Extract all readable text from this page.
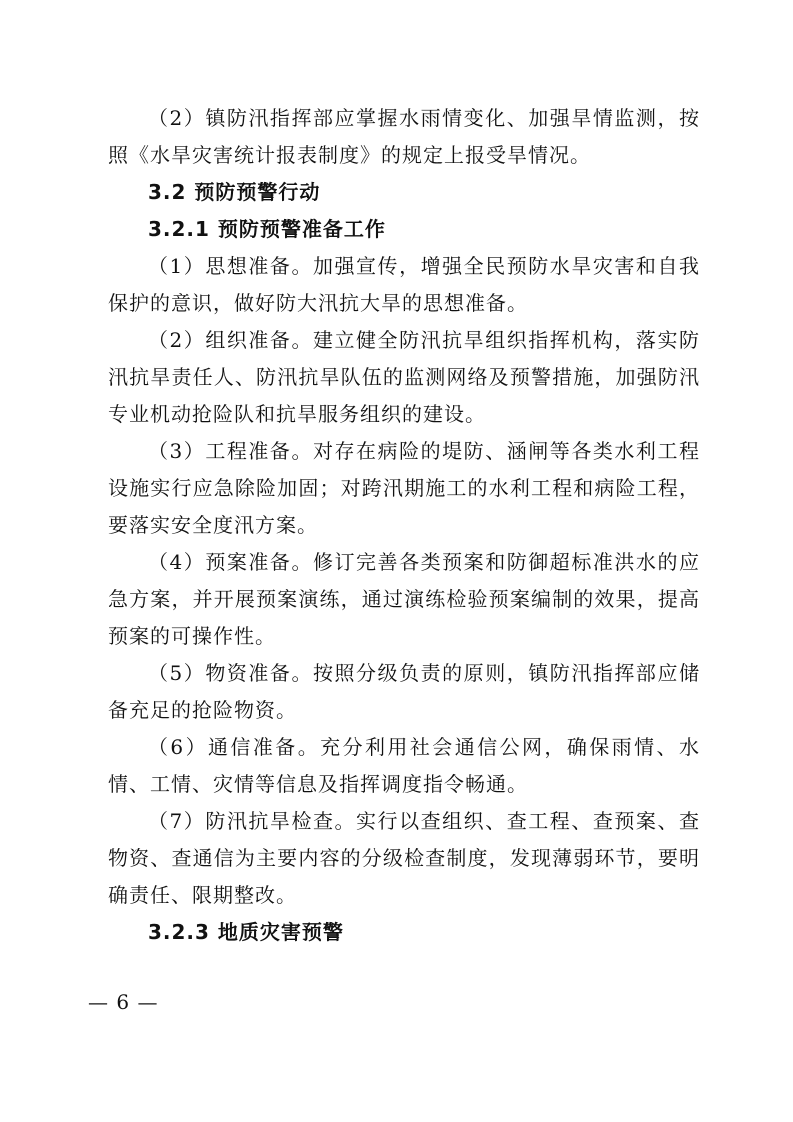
（2）镇防汛指挥部应掌握水雨情变化、加强旱情监测，按照《水旱灾害统计报表制度》的规定上报受旱情况。

3.2 预防预警行动

3.2.1 预防预警准备工作

（1）思想准备。加强宣传，增强全民预防水旱灾害和自我保护的意识，做好防大汛抗大旱的思想准备。

（2）组织准备。建立健全防汛抗旱组织指挥机构，落实防汛抗旱责任人、防汛抗旱队伍的监测网络及预警措施，加强防汛专业机动抢险队和抗旱服务组织的建设。

（3）工程准备。对存在病险的堤防、涵闸等各类水利工程设施实行应急除险加固；对跨汛期施工的水利工程和病险工程，要落实安全度汛方案。

（4）预案准备。修订完善各类预案和防御超标准洪水的应急方案，并开展预案演练，通过演练检验预案编制的效果，提高预案的可操作性。

（5）物资准备。按照分级负责的原则，镇防汛指挥部应储备充足的抢险物资。

（6）通信准备。充分利用社会通信公网，确保雨情、水情、工情、灾情等信息及指挥调度指令畅通。

（7）防汛抗旱检查。实行以查组织、查工程、查预案、查物资、查通信为主要内容的分级检查制度，发现薄弱环节，要明确责任、限期整改。

3.2.3 地质灾害预警

— 6 —
